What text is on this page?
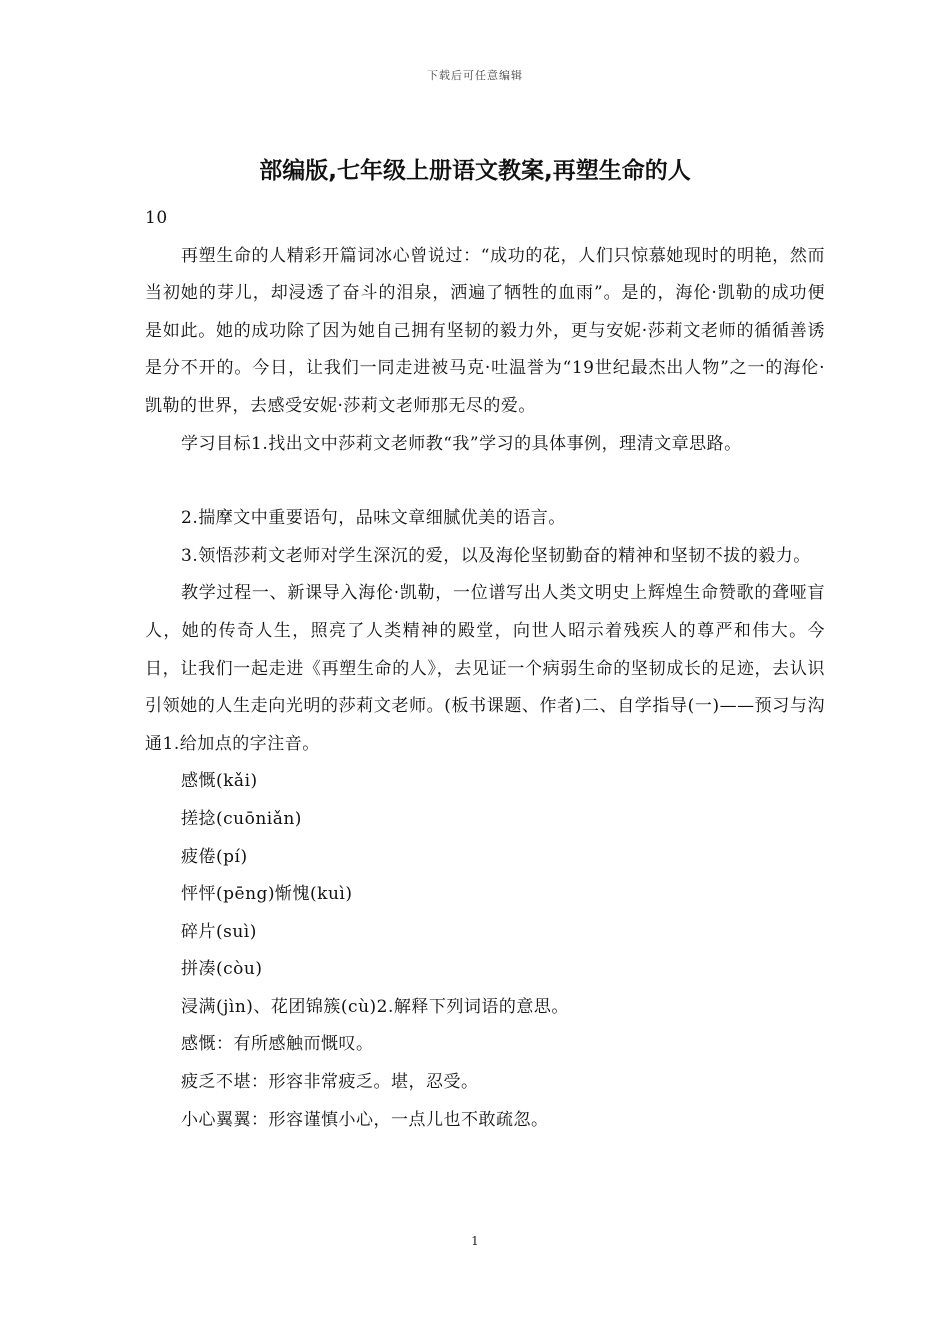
下载后可任意编辑
部编版,七年级上册语文教案,再塑生命的人

10

再塑生命的人精彩开篇词冰心曾说过：“成功的花，人们只惊慕她现时的明艳，然而当初她的芽儿，却浸透了奋斗的泪泉，洒遍了牺牲的血雨”。是的，海伦·凯勒的成功便是如此。她的成功除了因为她自己拥有坚韧的毅力外，更与安妮·莎莉文老师的循循善诱是分不开的。今日，让我们一同走进被马克·吐温誉为“19世纪最杰出人物”之一的海伦·凯勒的世界，去感受安妮·莎莉文老师那无尽的爱。

学习目标1.找出文中莎莉文老师教“我”学习的具体事例，理清文章思路。

2.揣摩文中重要语句，品味文章细腻优美的语言。

3.领悟莎莉文老师对学生深沉的爱，以及海伦坚韧勤奋的精神和坚韧不拔的毅力。

教学过程一、新课导入海伦·凯勒，一位谱写出人类文明史上辉煌生命赞歌的聋哑盲人，她的传奇人生，照亮了人类精神的殿堂，向世人昭示着残疾人的尊严和伟大。今日，让我们一起走进《再塑生命的人》，去见证一个病弱生命的坚韧成长的足迹，去认识引领她的人生走向光明的莎莉文老师。(板书课题、作者)二、自学指导(一)——预习与沟通1.给加点的字注音。

感慨(kǎi)

搓捻(cuōniǎn)

疲倦(pí)

怦怦(pēng)惭愧(kuì)

碎片(suì)

拼凑(còu)

浸满(jìn)、花团锦簇(cù)2.解释下列词语的意思。

感慨：有所感触而慨叹。

疲乏不堪：形容非常疲乏。堪，忍受。

小心翼翼：形容谨慎小心，一点儿也不敢疏忽。

1
